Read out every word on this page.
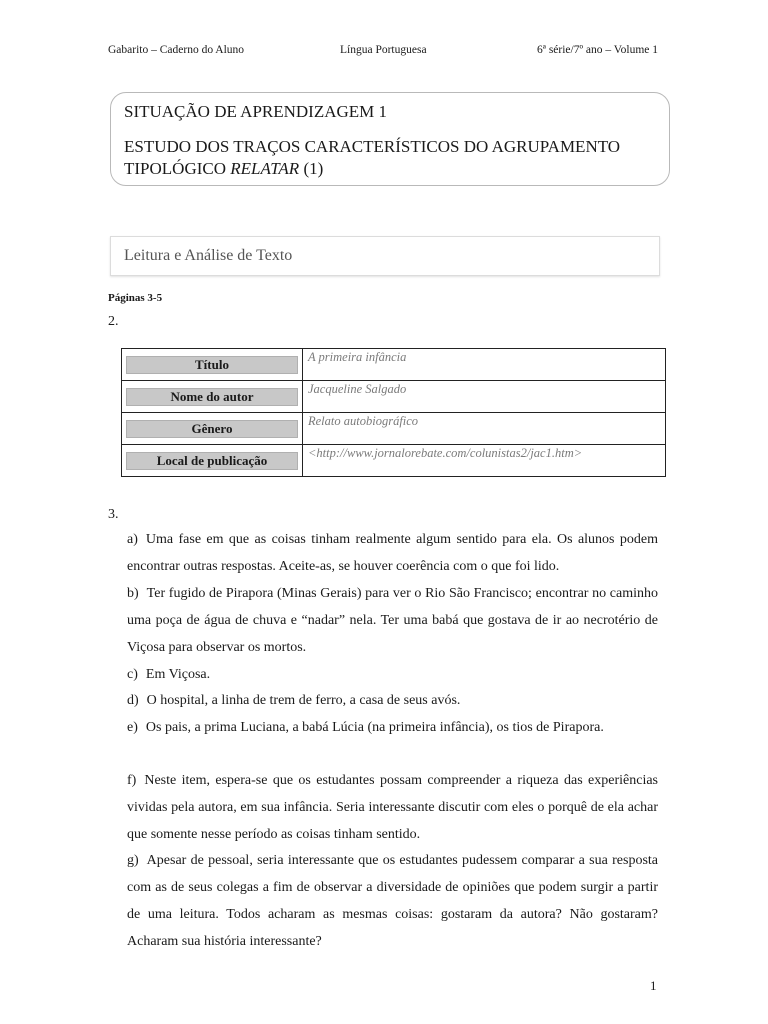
Gabarito – Caderno do Aluno	Língua Portuguesa	6ª série/7º ano – Volume 1
SITUAÇÃO DE APRENDIZAGEM 1
ESTUDO DOS TRAÇOS CARACTERÍSTICOS DO AGRUPAMENTO
TIPOLÓGICO RELATAR (1)
Leitura e Análise de Texto
Páginas 3-5
2.
Título	A primeira infância

Nome do autor	Jacqueline Salgado

Gênero	Relato autobiográfico

Local de publicação	<http://www.jornalorebate.com/colunistas2/jac1.htm>
3.

a) Uma fase em que as coisas tinham realmente algum sentido para ela. Os alunos podem encontrar outras respostas. Aceite-as, se houver coerência com o que foi lido.

b) Ter fugido de Pirapora (Minas Gerais) para ver o Rio São Francisco; encontrar no caminho uma poça de água de chuva e “nadar” nela. Ter uma babá que gostava de ir ao necrotério de Viçosa para observar os mortos.

c) Em Viçosa.

d) O hospital, a linha de trem de ferro, a casa de seus avós.

e) Os pais, a prima Luciana, a babá Lúcia (na primeira infância), os tios de Pirapora.

f) Neste item, espera-se que os estudantes possam compreender a riqueza das experiências vividas pela autora, em sua infância. Seria interessante discutir com eles o porquê de ela achar que somente nesse período as coisas tinham sentido.

g) Apesar de pessoal, seria interessante que os estudantes pudessem comparar a sua resposta com as de seus colegas a fim de observar a diversidade de opiniões que podem surgir a partir de uma leitura. Todos acharam as mesmas coisas: gostaram da autora? Não gostaram? Acharam sua história interessante?

1
